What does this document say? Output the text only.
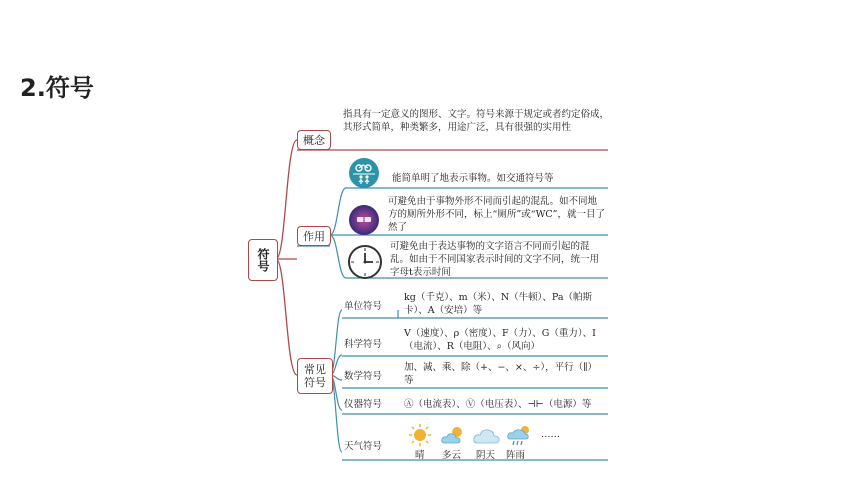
2.符号
符号
概念
作用
常见符号
指具有一定意义的图形、文字。符号来源于规定或者约定俗成，其形式简单，种类繁多，用途广泛，具有很强的实用性
能简单明了地表示事物。如交通符号等
可避免由于事物外形不同而引起的混乱。如不同地方的厕所外形不同，标上“厕所”或“WC”，就一目了然了
可避免由于表达事物的文字语言不同而引起的混乱。如由于不同国家表示时间的文字不同，统一用字母t表示时间
单位符号
科学符号
数学符号
仪器符号
天气符号
kg（千克）、m（米）、N（牛顿）、Pa（帕斯卡）、A（安培）等
V（速度）、ρ（密度）、F（力）、G（重力）、I（电流）、R（电阻）、⌕（风向）
加、减、乘、除（+、−、×、÷），平行（∥）等
Ⓐ（电流表）、Ⓥ（电压表）、⊣⊢（电源）等
……
晴 多云 阴天 阵雨
